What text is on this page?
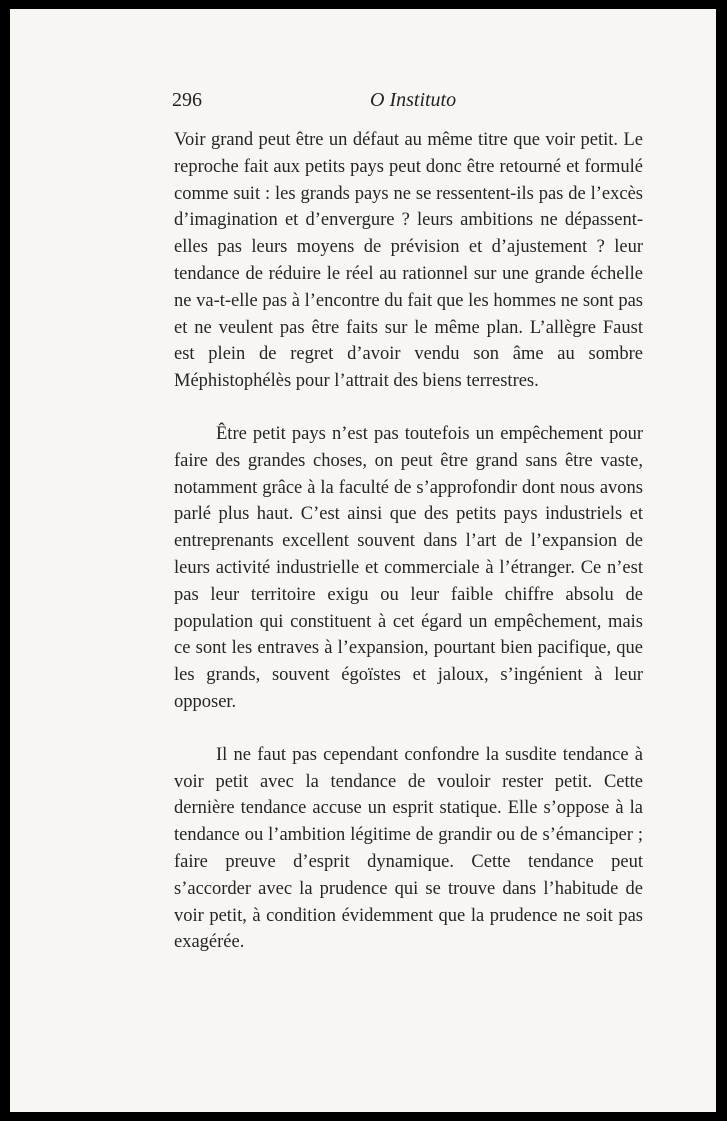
296	O Instituto

Voir grand peut être un défaut au même titre que voir petit. Le reproche fait aux petits pays peut donc être retourné et formulé comme suit : les grands pays ne se ressentent-ils pas de l’excès d’imagination et d’envergure ? leurs ambitions ne dépassent-elles pas leurs moyens de prévision et d’ajustement ? leur tendance de réduire le réel au rationnel sur une grande échelle ne va-t-elle pas à l’encontre du fait que les hommes ne sont pas et ne veulent pas être faits sur le même plan. L’allègre Faust est plein de regret d’avoir vendu son âme au sombre Méphistophélès pour l’attrait des biens terrestres.

Être petit pays n’est pas toutefois un empêchement pour faire des grandes choses, on peut être grand sans être vaste, notamment grâce à la faculté de s’approfondir dont nous avons parlé plus haut. C’est ainsi que des petits pays industriels et entreprenants excellent souvent dans l’art de l’expansion de leurs activité industrielle et commerciale à l’étranger. Ce n’est pas leur territoire exigu ou leur faible chiffre absolu de population qui constituent à cet égard un empêchement, mais ce sont les entraves à l’expansion, pourtant bien pacifique, que les grands, souvent égoïstes et jaloux, s’ingénient à leur opposer.

Il ne faut pas cependant confondre la susdite tendance à voir petit avec la tendance de vouloir rester petit. Cette dernière tendance accuse un esprit statique. Elle s’oppose à la tendance ou l’ambition légitime de grandir ou de s’émanciper ; faire preuve d’esprit dynamique. Cette tendance peut s’accorder avec la prudence qui se trouve dans l’habitude de voir petit, à condition évidemment que la prudence ne soit pas exagérée.
